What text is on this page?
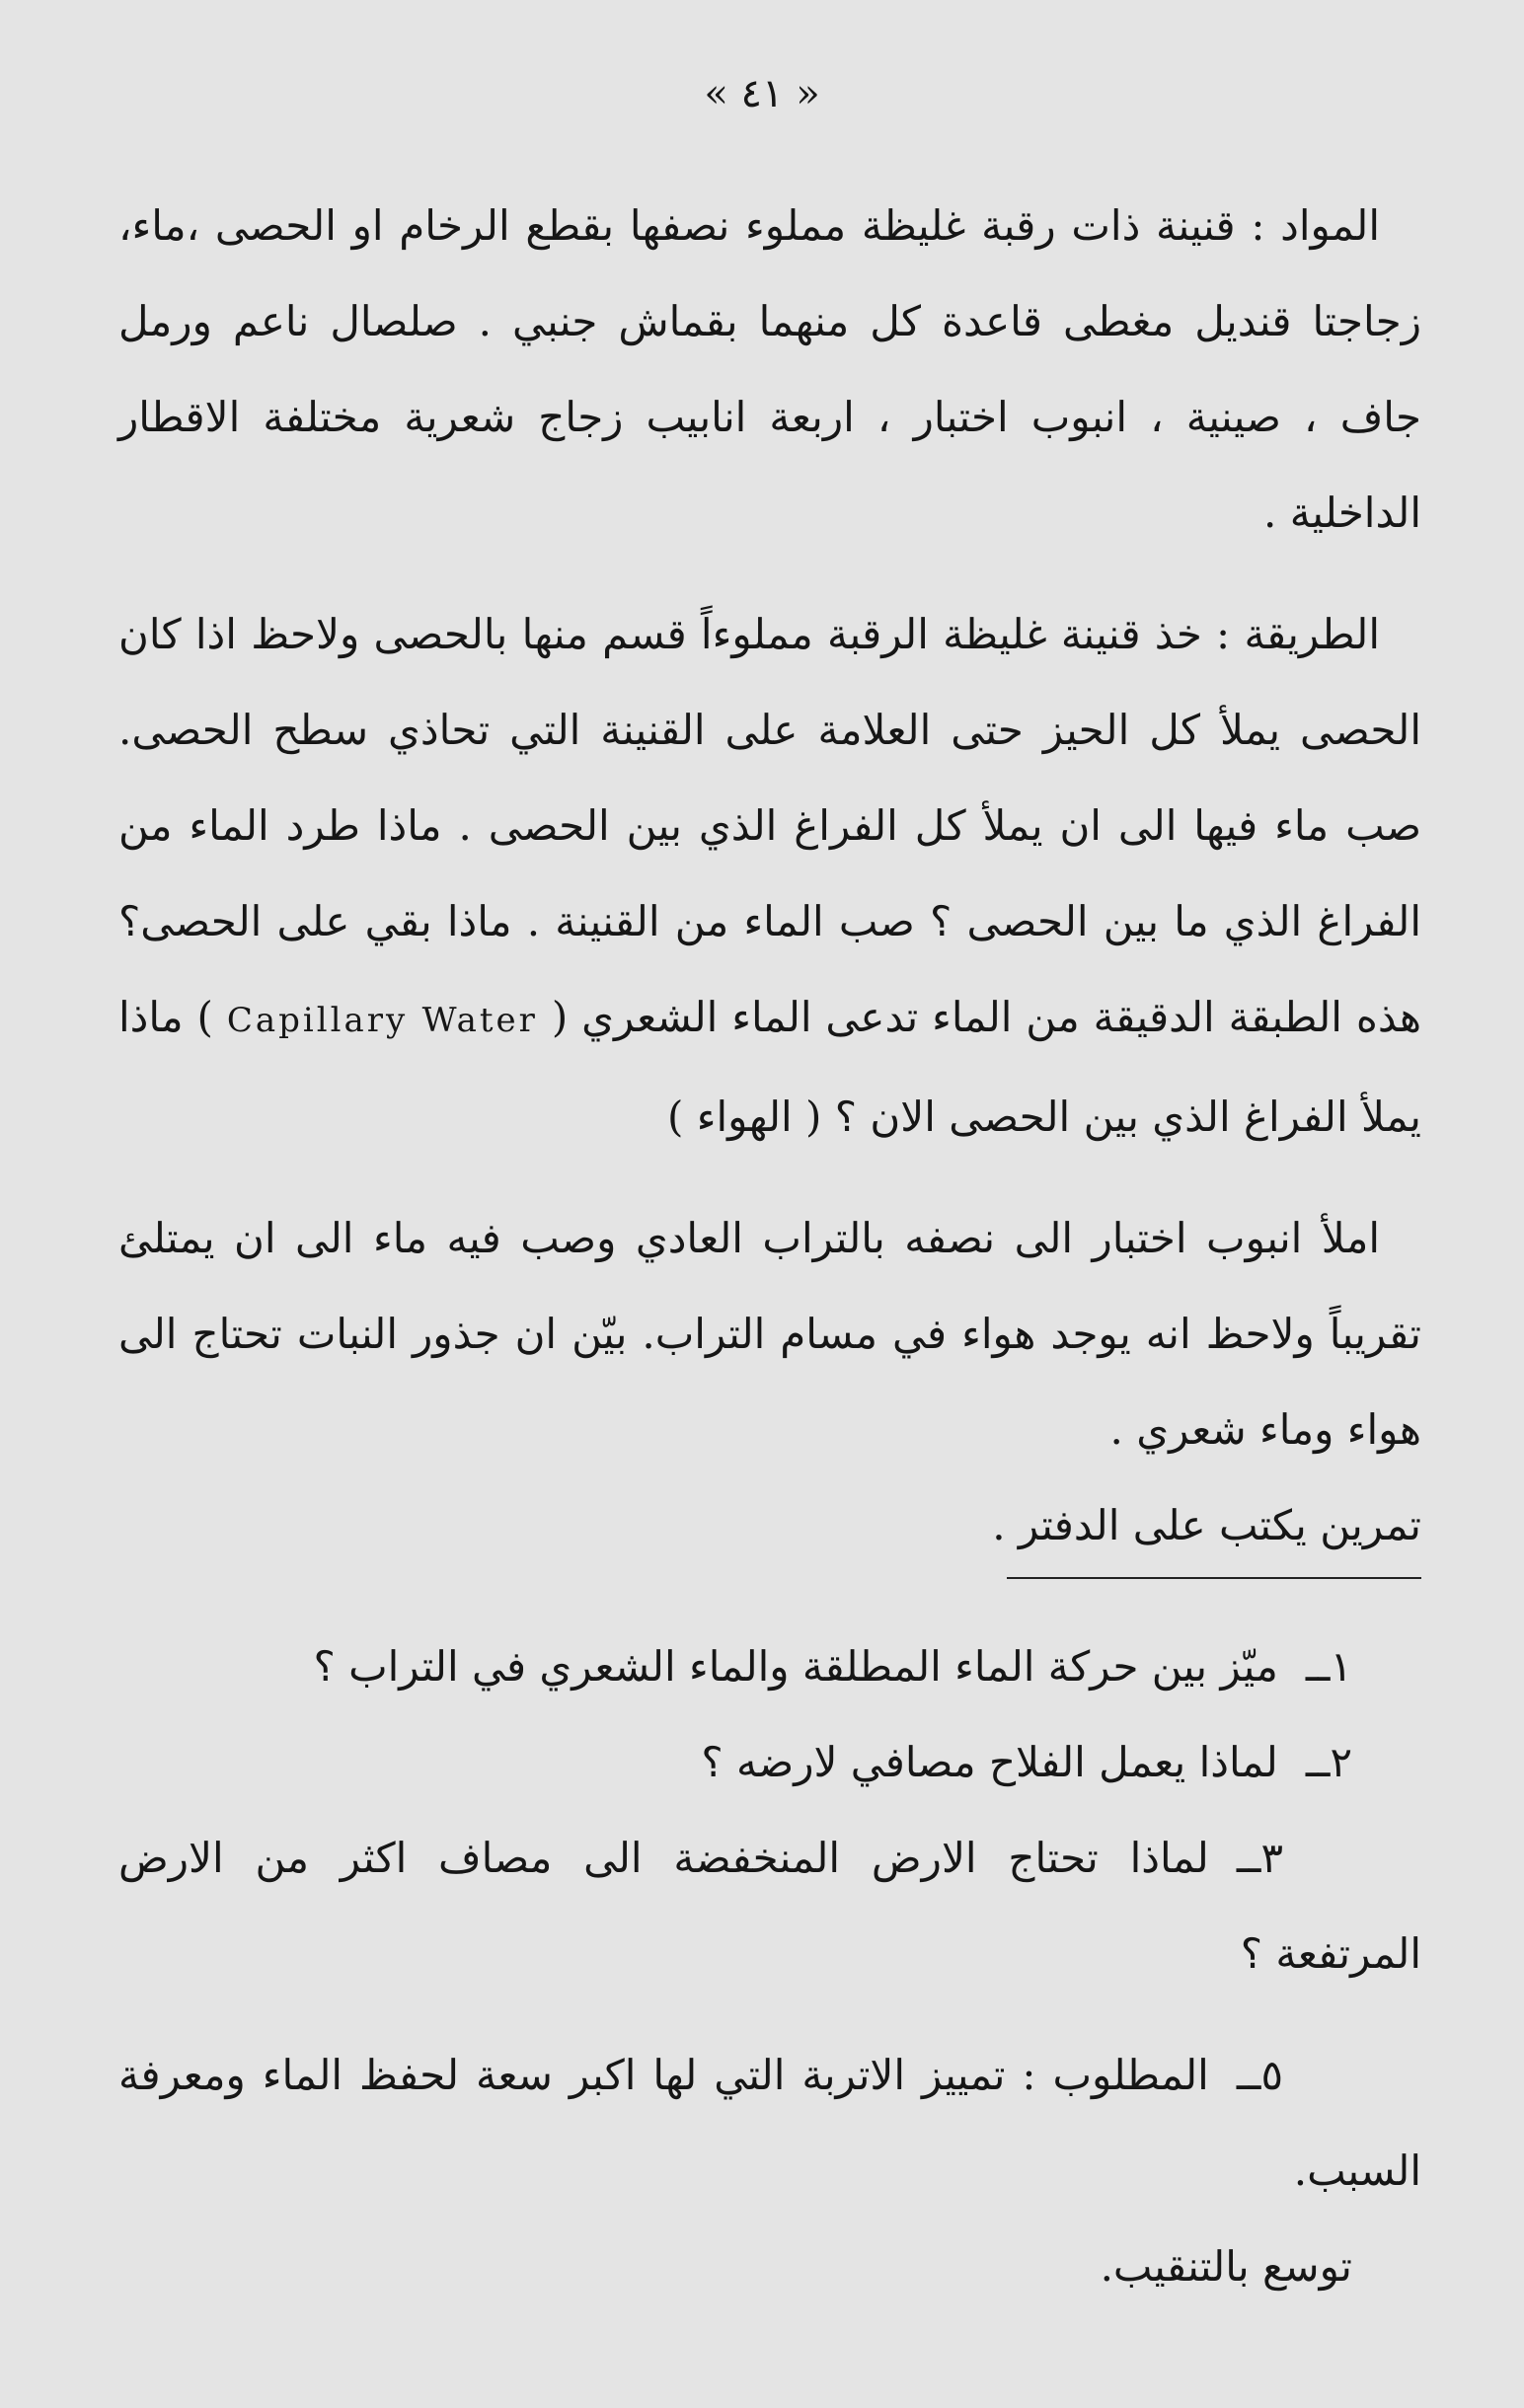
« ٤١ »

المواد : قنينة ذات رقبة غليظة مملوء نصفها بقطع الرخام او الحصى ،ماء، زجاجتا قنديل مغطى قاعدة كل منهما بقماش جنبي . صلصال ناعم ورمل جاف ، صينية ، انبوب اختبار ، اربعة انابيب زجاج شعرية مختلفة الاقطار الداخلية .

الطريقة : خذ قنينة غليظة الرقبة مملوءاً قسم منها بالحصى ولاحظ اذا كان الحصى يملأ كل الحيز حتى العلامة على القنينة التي تحاذي سطح الحصى. صب ماء فيها الى ان يملأ كل الفراغ الذي بين الحصى . ماذا طرد الماء من الفراغ الذي ما بين الحصى ؟ صب الماء من القنينة . ماذا بقي على الحصى؟ هذه الطبقة الدقيقة من الماء تدعى الماء الشعري ( Capillary Water ) ماذا يملأ الفراغ الذي بين الحصى الان ؟ ( الهواء )

املأ انبوب اختبار الى نصفه بالتراب العادي وصب فيه ماء الى ان يمتلئ تقريباً ولاحظ انه يوجد هواء في مسام التراب. بيّن ان جذور النبات تحتاج الى هواء وماء شعري .

تمرين يكتب على الدفتر .

١ــميّز بين حركة الماء المطلقة والماء الشعري في التراب ؟

٢ــلماذا يعمل الفلاح مصافي لارضه ؟

٣ــلماذا تحتاج الارض المنخفضة الى مصاف اكثر من الارض المرتفعة ؟

٥ــالمطلوب : تمييز الاتربة التي لها اكبر سعة لحفظ الماء ومعرفة السبب.

توسع بالتنقيب.
